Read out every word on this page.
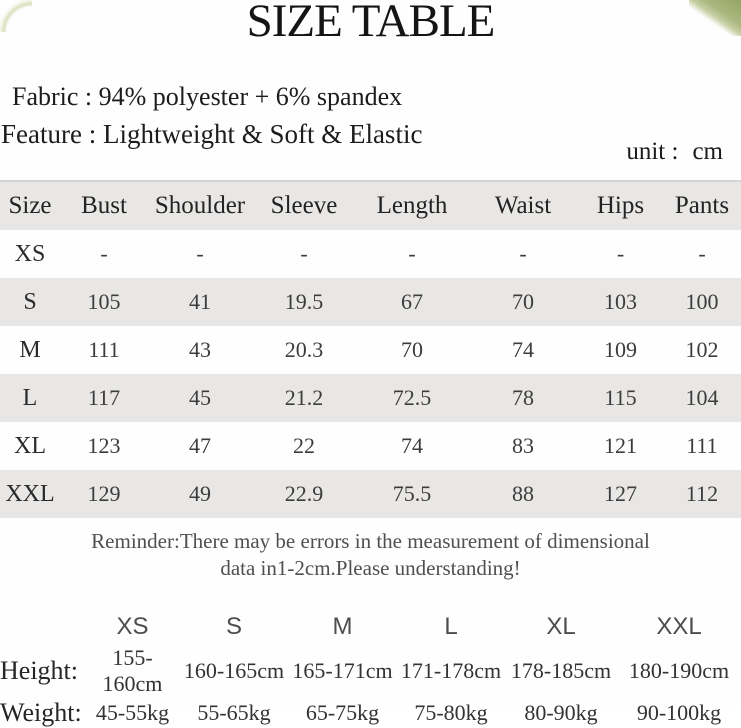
SIZE TABLE
Fabric : 94% polyester + 6% spandex
Feature : Lightweight & Soft & Elastic
unit : cm
Size	Bust	Shoulder	Sleeve	Length	Waist	Hips	Pants
XS	-	-	-	-	-	-	-
S	105	41	19.5	67	70	103	100
M	111	43	20.3	70	74	109	102
L	117	45	21.2	72.5	78	115	104
XL	123	47	22	74	83	121	111
XXL	129	49	22.9	75.5	88	127	112
Reminder:There may be errors in the measurement of dimensional
data in1-2cm.Please understanding!
	XS	S	M	L	XL	XXL
Height:	155-160cm	160-165cm	165-171cm	171-178cm	178-185cm	180-190cm
Weight:	45-55kg	55-65kg	65-75kg	75-80kg	80-90kg	90-100kg
